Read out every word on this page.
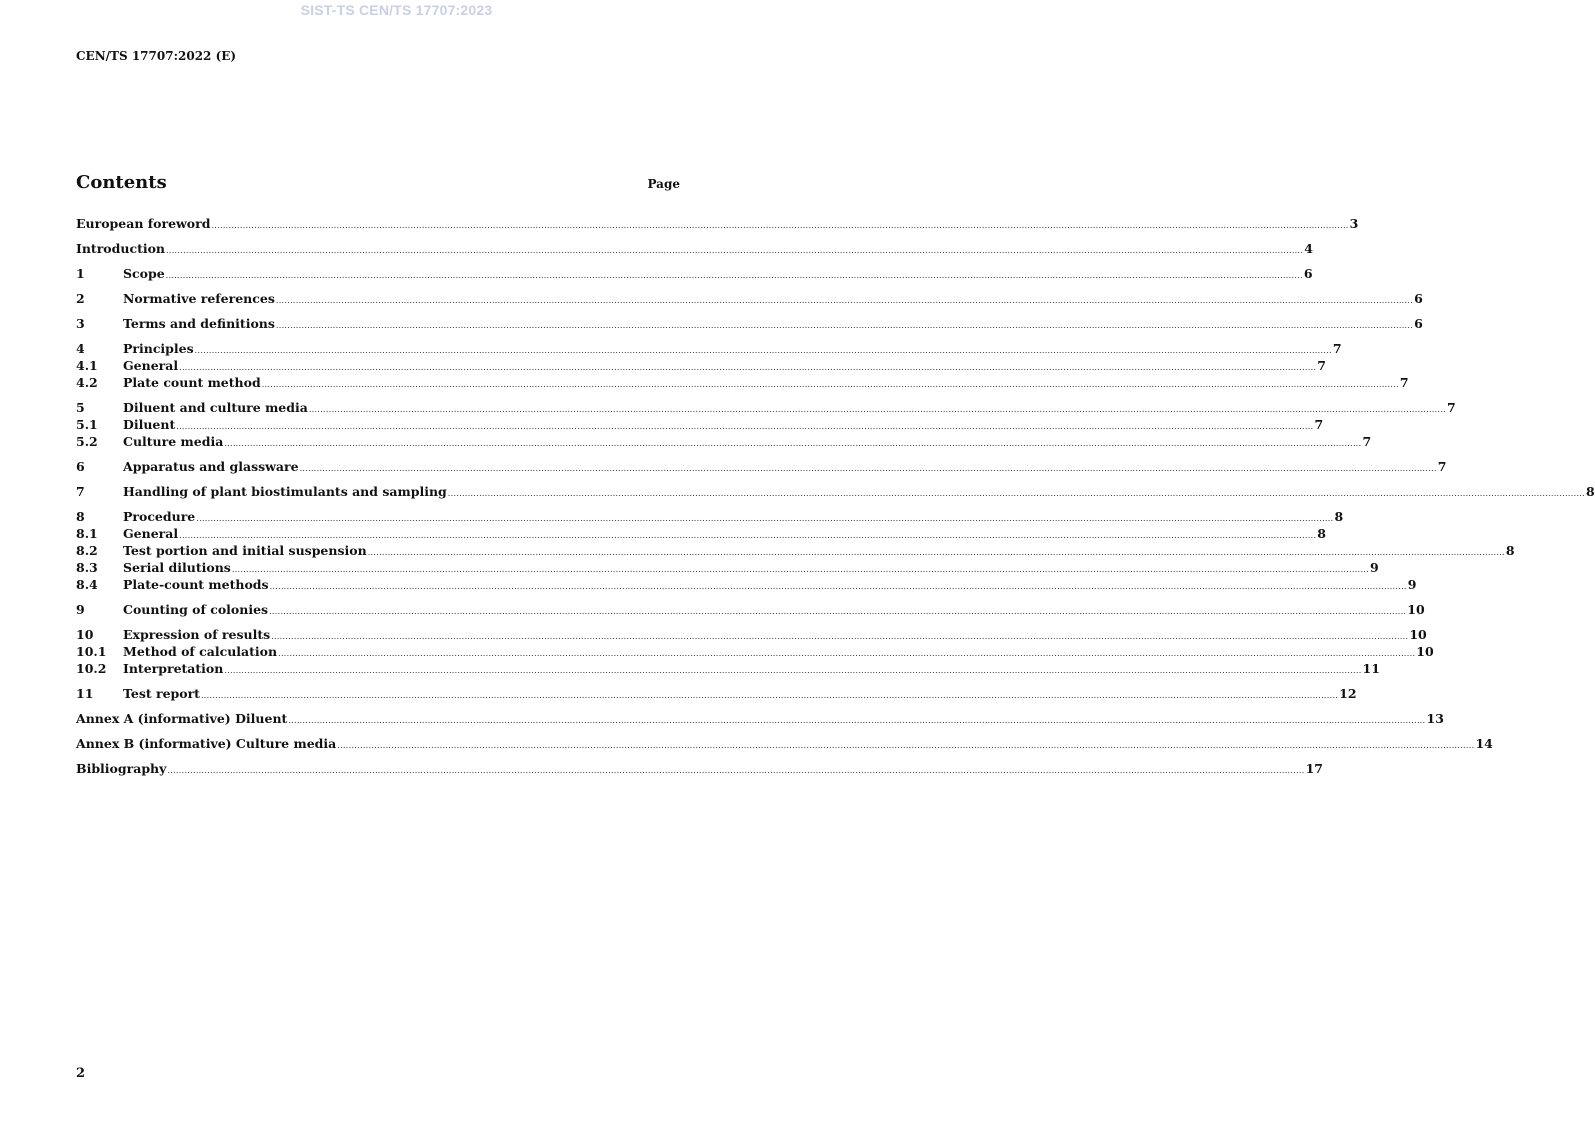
SIST-TS CEN/TS 17707:2023
CEN/TS 17707:2022 (E)
Contents	Page
European foreword ................................................................................................................................................................................................................................................................................................................................................................................................................ 3
Introduction ................................................................................................................................................................................................................................................................................................................................................................................................................ 4
1	Scope ................................................................................................................................................................................................................................................................................................................................................................................................................ 6
2	Normative references ................................................................................................................................................................................................................................................................................................................................................................................................................ 6
3	Terms and definitions ................................................................................................................................................................................................................................................................................................................................................................................................................ 6
4	Principles ................................................................................................................................................................................................................................................................................................................................................................................................................ 7
4.1	General ................................................................................................................................................................................................................................................................................................................................................................................................................ 7
4.2	Plate count method ................................................................................................................................................................................................................................................................................................................................................................................................................ 7
5	Diluent and culture media ................................................................................................................................................................................................................................................................................................................................................................................................................ 7
5.1	Diluent ................................................................................................................................................................................................................................................................................................................................................................................................................ 7
5.2	Culture media ................................................................................................................................................................................................................................................................................................................................................................................................................ 7
6	Apparatus and glassware ................................................................................................................................................................................................................................................................................................................................................................................................................ 7
7	Handling of plant biostimulants and sampling ................................................................................................................................................................................................................................................................................................................................................................................................................ 8
8	Procedure ................................................................................................................................................................................................................................................................................................................................................................................................................ 8
8.1	General ................................................................................................................................................................................................................................................................................................................................................................................................................ 8
8.2	Test portion and initial suspension ................................................................................................................................................................................................................................................................................................................................................................................................................ 8
8.3	Serial dilutions ................................................................................................................................................................................................................................................................................................................................................................................................................ 9
8.4	Plate-count methods ................................................................................................................................................................................................................................................................................................................................................................................................................ 9
9	Counting of colonies ................................................................................................................................................................................................................................................................................................................................................................................................................ 10
10	Expression of results ................................................................................................................................................................................................................................................................................................................................................................................................................ 10
10.1	Method of calculation ................................................................................................................................................................................................................................................................................................................................................................................................................ 10
10.2	Interpretation ................................................................................................................................................................................................................................................................................................................................................................................................................ 11
11	Test report ................................................................................................................................................................................................................................................................................................................................................................................................................ 12
Annex A (informative) Diluent ................................................................................................................................................................................................................................................................................................................................................................................................................ 13
Annex B (informative) Culture media ................................................................................................................................................................................................................................................................................................................................................................................................................ 14
Bibliography ................................................................................................................................................................................................................................................................................................................................................................................................................ 17
2
